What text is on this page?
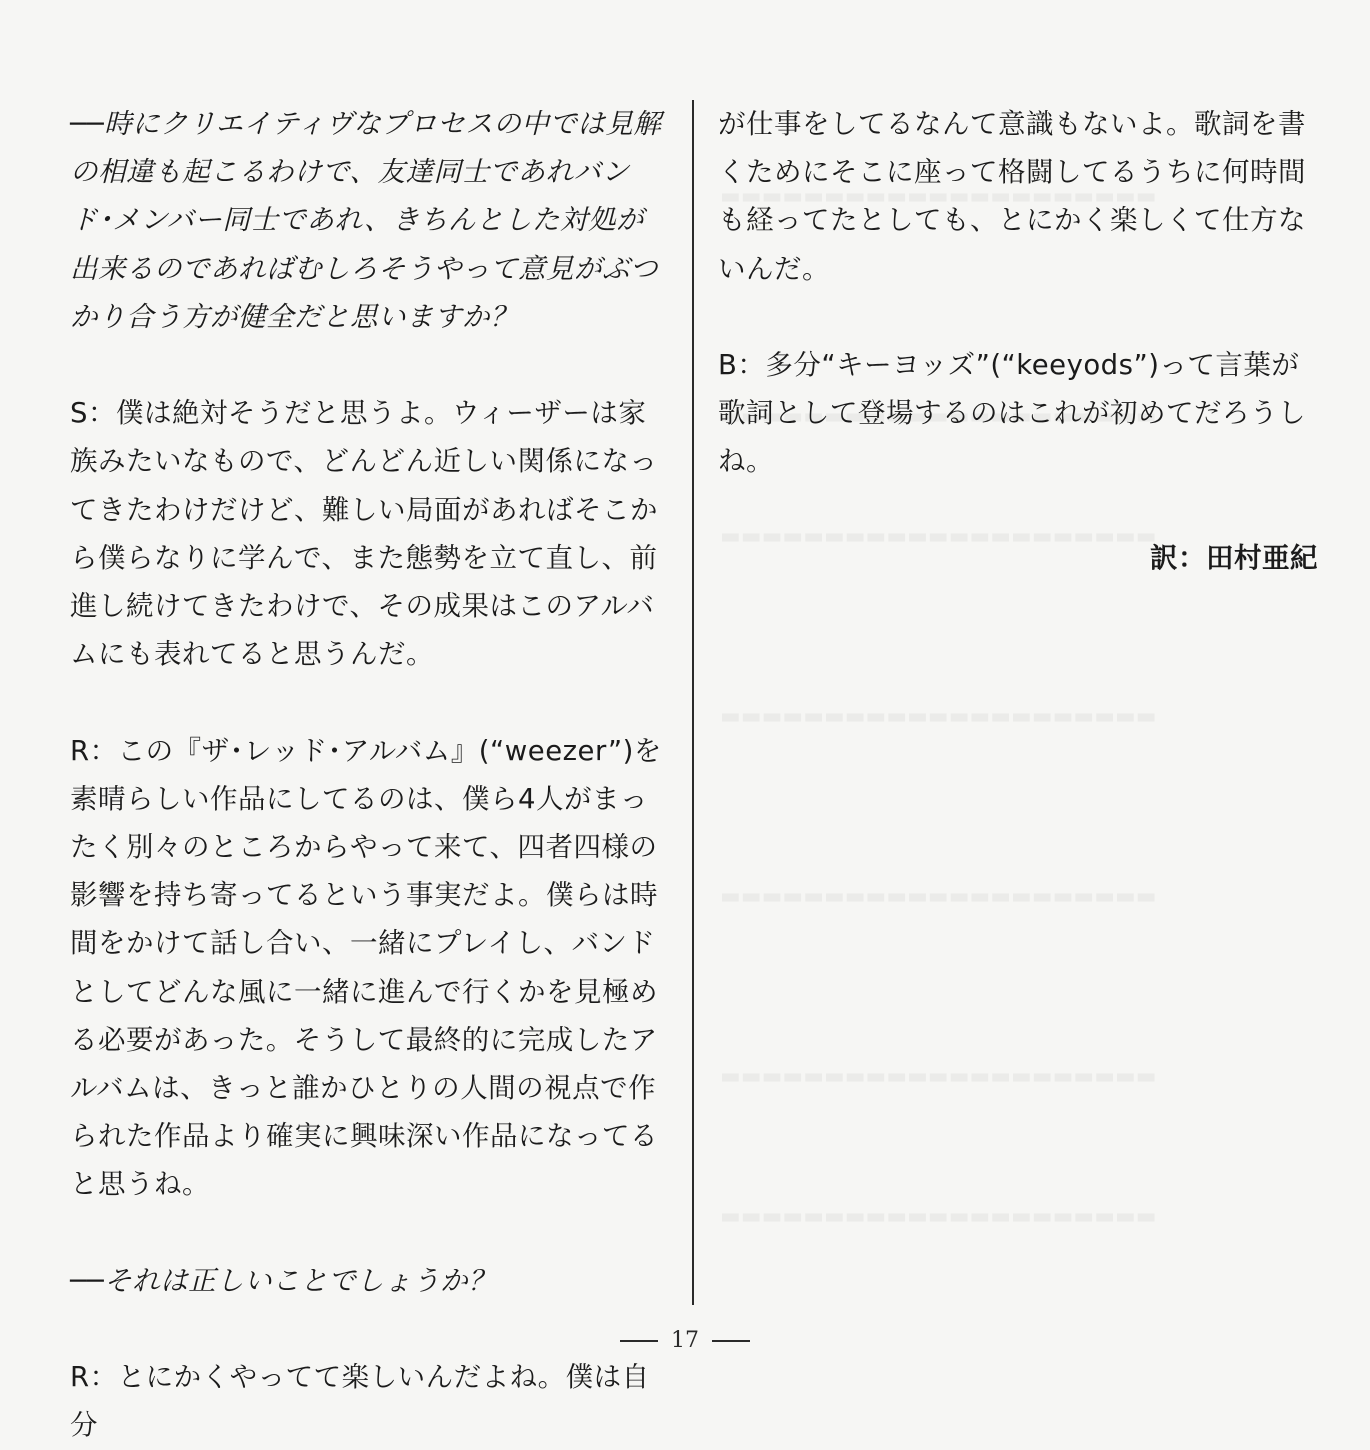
──時にクリエイティヴなプロセスの中では見解の相違も起こるわけで、友達同士であれバンド･メンバー同士であれ、きちんとした対処が出来るのであればむしろそうやって意見がぶつかり合う方が健全だと思いますか？

S：僕は絶対そうだと思うよ。ウィーザーは家族みたいなもので、どんどん近しい関係になってきたわけだけど、難しい局面があればそこから僕らなりに学んで、また態勢を立て直し、前進し続けてきたわけで、その成果はこのアルバムにも表れてると思うんだ。

R：この『ザ･レッド･アルバム』(“weezer”)を素晴らしい作品にしてるのは、僕ら4人がまったく別々のところからやって来て、四者四様の影響を持ち寄ってるという事実だよ。僕らは時間をかけて話し合い、一緒にプレイし、バンドとしてどんな風に一緒に進んで行くかを見極める必要があった。そうして最終的に完成したアルバムは、きっと誰かひとりの人間の視点で作られた作品より確実に興味深い作品になってると思うね。

──それは正しいことでしょうか？

R：とにかくやってて楽しいんだよね。僕は自分

が仕事をしてるなんて意識もないよ。歌詞を書くためにそこに座って格闘してるうちに何時間も経ってたとしても、とにかく楽しくて仕方ないんだ。

B：多分“キーヨッズ”(“keeyods”)って言葉が歌詞として登場するのはこれが初めてだろうしね。

訳：田村亜紀
17
